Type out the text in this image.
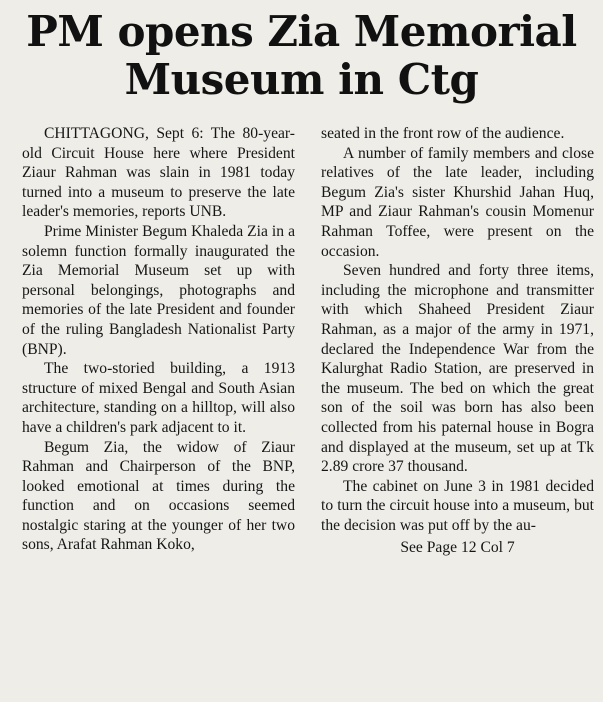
PM opens Zia Memorial
Museum in Ctg

CHITTAGONG, Sept 6: The 80-year-old Circuit House here where President Ziaur Rahman was slain in 1981 today turned into a museum to preserve the late leader's memories, reports UNB.

Prime Minister Begum Khaleda Zia in a solemn function formally inaugurated the Zia Memorial Museum set up with personal belongings, photographs and memories of the late President and founder of the ruling Bangladesh Nationalist Party (BNP).

The two-storied building, a 1913 structure of mixed Bengal and South Asian architecture, standing on a hilltop, will also have a children's park adjacent to it.

Begum Zia, the widow of Ziaur Rahman and Chairperson of the BNP, looked emotional at times during the function and on occasions seemed nostalgic staring at the younger of her two sons, Arafat Rahman Koko,

seated in the front row of the audience.

A number of family members and close relatives of the late leader, including Begum Zia's sister Khurshid Jahan Huq, MP and Ziaur Rahman's cousin Momenur Rahman Toffee, were present on the occasion.

Seven hundred and forty three items, including the microphone and transmitter with which Shaheed President Ziaur Rahman, as a major of the army in 1971, declared the Independence War from the Kalurghat Radio Station, are preserved in the museum. The bed on which the great son of the soil was born has also been collected from his paternal house in Bogra and displayed at the museum, set up at Tk 2.89 crore 37 thousand.

The cabinet on June 3 in 1981 decided to turn the circuit house into a museum, but the decision was put off by the au-

See Page 12 Col 7
